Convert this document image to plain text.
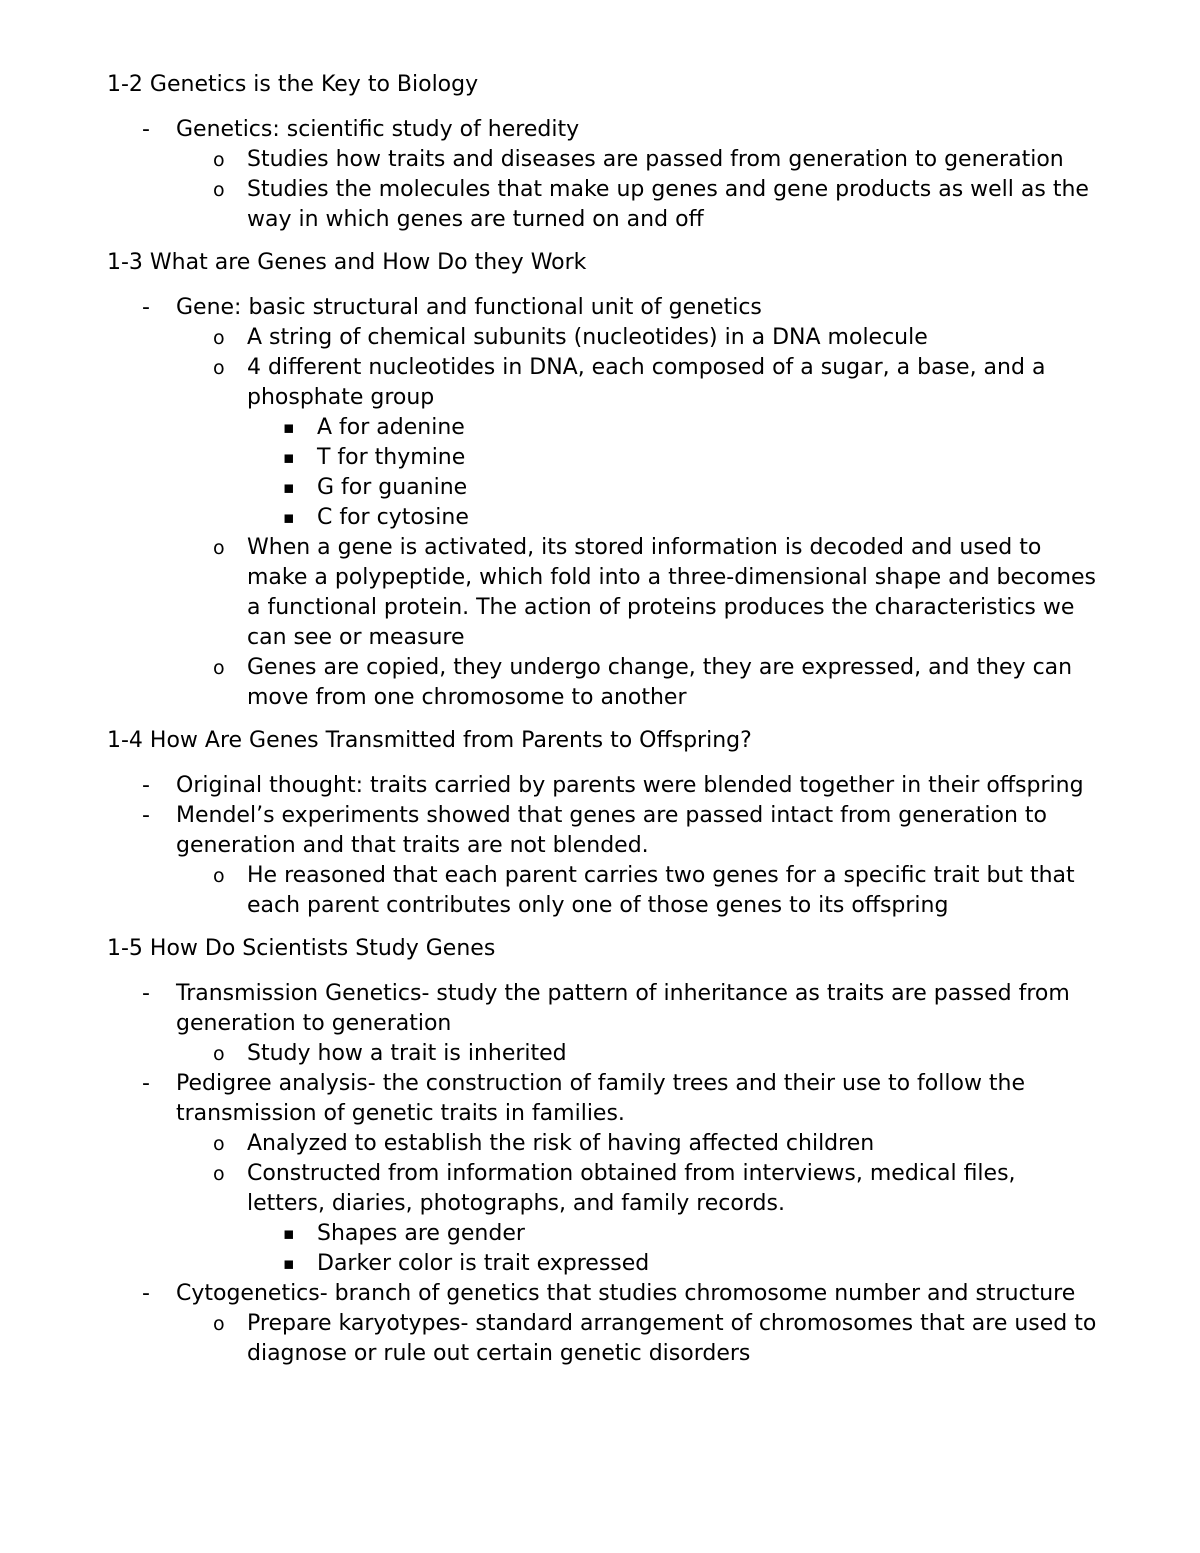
1-2 Genetics is the Key to Biology
- Genetics: scientific study of heredity
o Studies how traits and diseases are passed from generation to generation
o Studies the molecules that make up genes and gene products as well as the way in which genes are turned on and off
1-3 What are Genes and How Do they Work
- Gene: basic structural and functional unit of genetics
o A string of chemical subunits (nucleotides) in a DNA molecule
o 4 different nucleotides in DNA, each composed of a sugar, a base, and a phosphate group
▪ A for adenine
▪ T for thymine
▪ G for guanine
▪ C for cytosine
o When a gene is activated, its stored information is decoded and used to make a polypeptide, which fold into a three-dimensional shape and becomes a functional protein. The action of proteins produces the characteristics we can see or measure
o Genes are copied, they undergo change, they are expressed, and they can move from one chromosome to another
1-4 How Are Genes Transmitted from Parents to Offspring?
- Original thought: traits carried by parents were blended together in their offspring
- Mendel’s experiments showed that genes are passed intact from generation to generation and that traits are not blended.
o He reasoned that each parent carries two genes for a specific trait but that each parent contributes only one of those genes to its offspring
1-5 How Do Scientists Study Genes
- Transmission Genetics- study the pattern of inheritance as traits are passed from generation to generation
o Study how a trait is inherited
- Pedigree analysis- the construction of family trees and their use to follow the transmission of genetic traits in families.
o Analyzed to establish the risk of having affected children
o Constructed from information obtained from interviews, medical files, letters, diaries, photographs, and family records.
▪ Shapes are gender
▪ Darker color is trait expressed
- Cytogenetics- branch of genetics that studies chromosome number and structure
o Prepare karyotypes- standard arrangement of chromosomes that are used to diagnose or rule out certain genetic disorders
